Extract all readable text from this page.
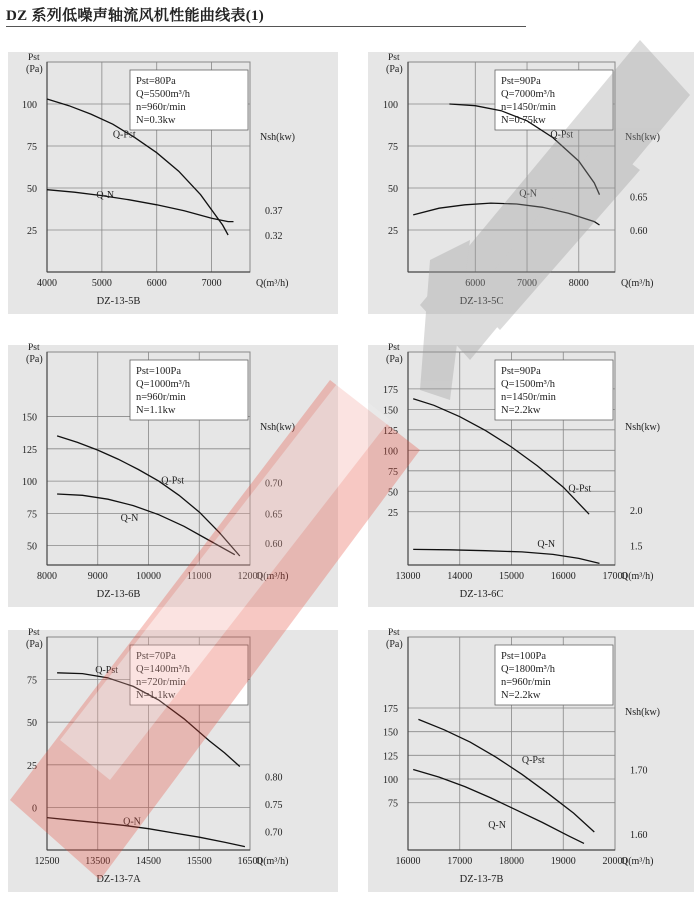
DZ 系列低噪声轴流风机性能曲线表(1)
Pst=80Pa
Q=5500m³/h
n=960r/min
N=0.3kw
Pst
(Pa)
25
50
75
100
4000	5000	6000	7000	Q(m³/h)
Nsh(kw)
0.37
0.32
Q-Pst
Q-N
DZ-13-5B
Pst=90Pa
Q=7000m³/h
n=1450r/min
N=0.75kw
Pst
(Pa)
25
50
75
100
6000	7000	8000	Q(m³/h)
Nsh(kw)
0.65
0.60
Q-Pst
Q-N
DZ-13-5C
Pst=100Pa
Q=1000m³/h
n=960r/min
N=1.1kw
Pst
(Pa)
50
75
100
125
150
8000	9000	10000	11000	12000
Q(m³/h)
Nsh(kw)
0.70
0.65
0.60
Q-Pst
Q-N
DZ-13-6B
Pst=90Pa
Q=1500m³/h
n=1450r/min
N=2.2kw
Pst
(Pa)
25
50
75
100
125
150
175
13000	14000	15000	16000	17000
Q(m³/h)
Nsh(kw)
2.0
1.5
Q-Pst
Q-N
DZ-13-6C
Pst=70Pa
Q=1400m³/h
n=720r/min
N=1.1kw
Pst
(Pa)
0
25
50
75
12500	13500	14500	15500	16500
Q(m³/h)
0.80
0.75
0.70
Q-Pst
Q-N
DZ-13-7A
Pst=100Pa
Q=1800m³/h
n=960r/min
N=2.2kw
Pst
(Pa)
75
100
125
150
175
16000	17000	18000	19000	20000
Q(m³/h)
Nsh(kw)
1.70
1.60
Q-Pst
Q-N
DZ-13-7B
